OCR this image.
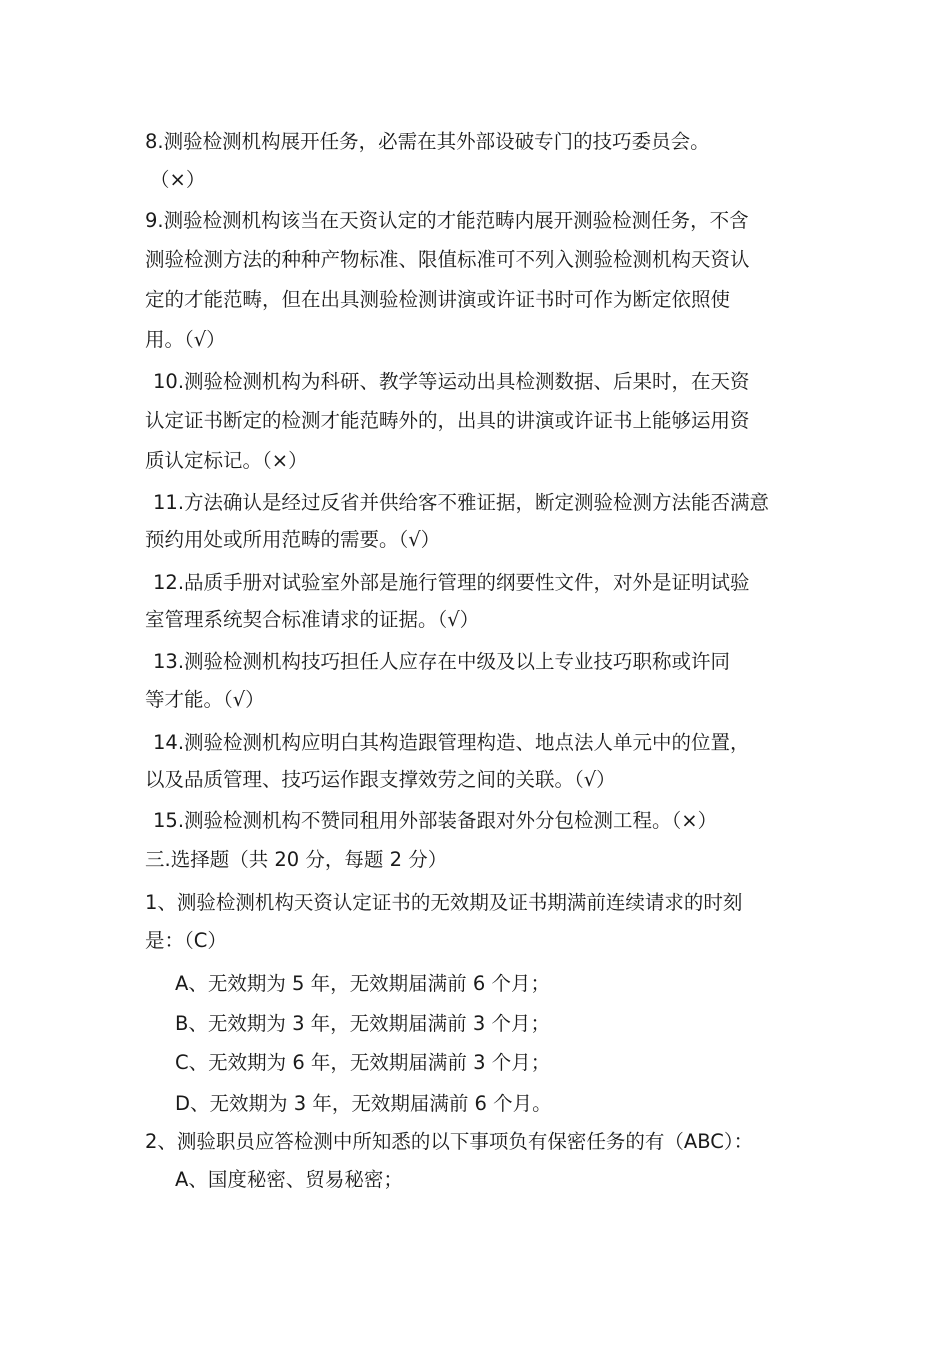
8.测验检测机构展开任务，必需在其外部设破专门的技巧委员会。
（×）
9.测验检测机构该当在天资认定的才能范畴内展开测验检测任务，不含
测验检测方法的种种产物标准、限值标准可不列入测验检测机构天资认
定的才能范畴，但在出具测验检测讲演或许证书时可作为断定依照使
用。（√）
10.测验检测机构为科研、教学等运动出具检测数据、后果时，在天资
认定证书断定的检测才能范畴外的，出具的讲演或许证书上能够运用资
质认定标记。（×）
11.方法确认是经过反省并供给客不雅证据，断定测验检测方法能否满意
预约用处或所用范畴的需要。（√）
12.品质手册对试验室外部是施行管理的纲要性文件，对外是证明试验
室管理系统契合标准请求的证据。（√）
13.测验检测机构技巧担任人应存在中级及以上专业技巧职称或许同
等才能。（√）
14.测验检测机构应明白其构造跟管理构造、地点法人单元中的位置，
以及品质管理、技巧运作跟支撑效劳之间的关联。（√）
15.测验检测机构不赞同租用外部装备跟对外分包检测工程。（×）
三.选择题（共 20 分，每题 2 分）
1、测验检测机构天资认定证书的无效期及证书期满前连续请求的时刻
是：（C）
A、无效期为 5 年，无效期届满前 6 个月；
B、无效期为 3 年，无效期届满前 3 个月；
C、无效期为 6 年，无效期届满前 3 个月；
D、无效期为 3 年，无效期届满前 6 个月。
2、测验职员应答检测中所知悉的以下事项负有保密任务的有（ABC）：
A、国度秘密、贸易秘密；
